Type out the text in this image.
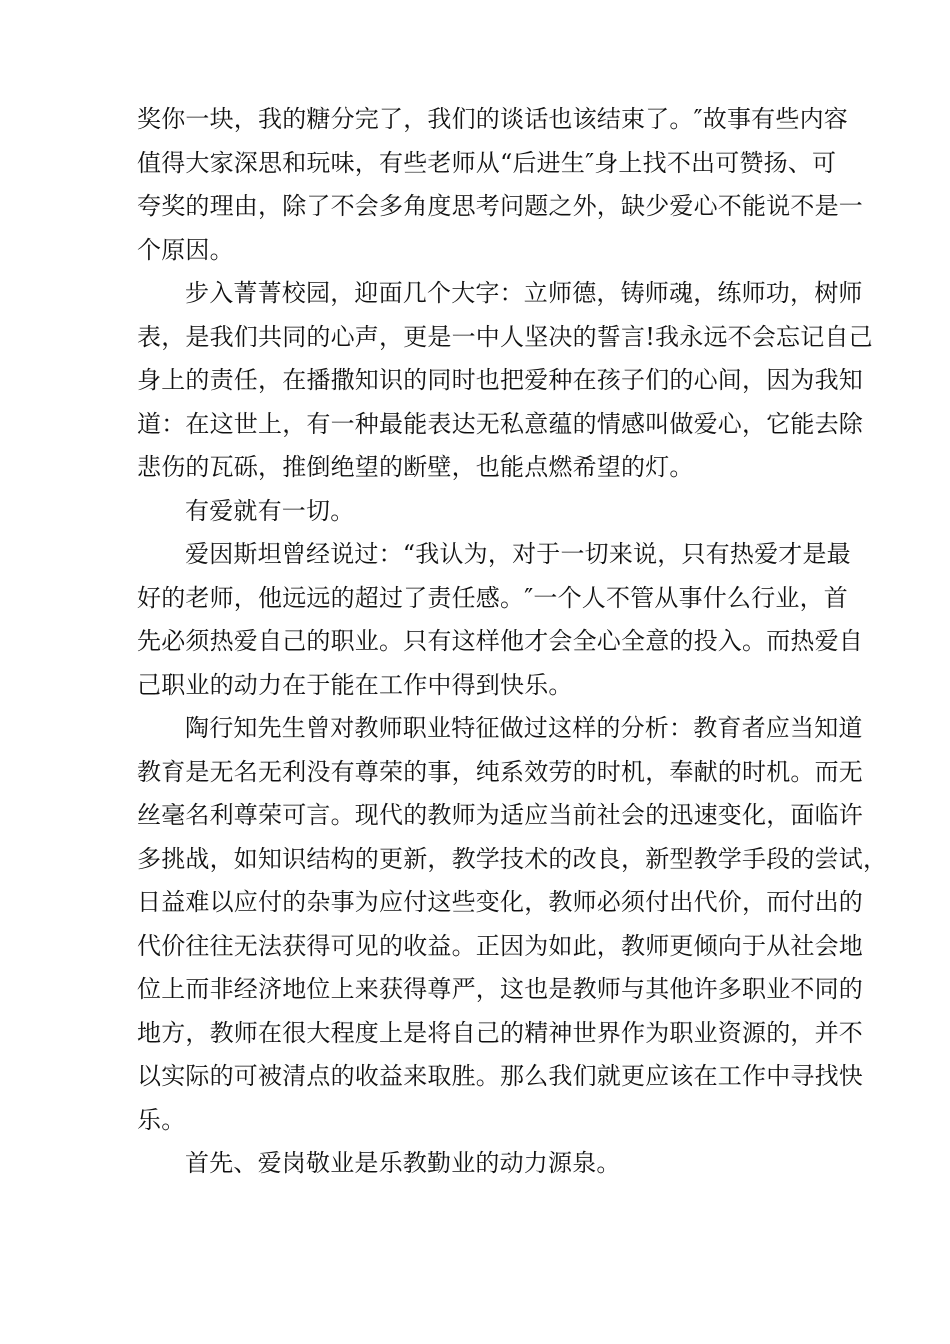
奖你一块，我的糖分完了，我们的谈话也该结束了。″故事有些内容
值得大家深思和玩味，有些老师从“后进生″身上找不出可赞扬、可
夸奖的理由，除了不会多角度思考问题之外，缺少爱心不能说不是一
个原因。
步入菁菁校园，迎面几个大字：立师德，铸师魂，练师功，树师
表，是我们共同的心声，更是一中人坚决的誓言!我永远不会忘记自己
身上的责任，在播撒知识的同时也把爱种在孩子们的心间，因为我知
道：在这世上，有一种最能表达无私意蕴的情感叫做爱心，它能去除
悲伤的瓦砾，推倒绝望的断壁，也能点燃希望的灯。
有爱就有一切。
爱因斯坦曾经说过：“我认为，对于一切来说，只有热爱才是最
好的老师，他远远的超过了责任感。″一个人不管从事什么行业，首
先必须热爱自己的职业。只有这样他才会全心全意的投入。而热爱自
己职业的动力在于能在工作中得到快乐。
陶行知先生曾对教师职业特征做过这样的分析：教育者应当知道
教育是无名无利没有尊荣的事，纯系效劳的时机，奉献的时机。而无
丝毫名利尊荣可言。现代的教师为适应当前社会的迅速变化，面临许
多挑战，如知识结构的更新，教学技术的改良，新型教学手段的尝试，
日益难以应付的杂事为应付这些变化，教师必须付出代价，而付出的
代价往往无法获得可见的收益。正因为如此，教师更倾向于从社会地
位上而非经济地位上来获得尊严，这也是教师与其他许多职业不同的
地方，教师在很大程度上是将自己的精神世界作为职业资源的，并不
以实际的可被清点的收益来取胜。那么我们就更应该在工作中寻找快
乐。
首先、爱岗敬业是乐教勤业的动力源泉。
